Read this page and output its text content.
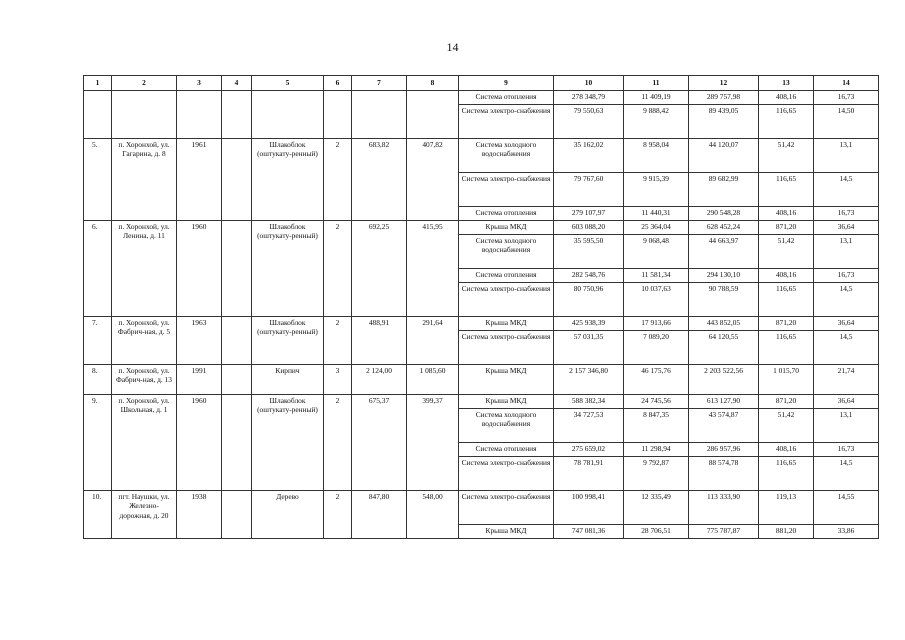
14
1	2	3	4	5	6	7	8	9	10	11	12	13	14
								Система отопления	278 348,79	11 409,19	289 757,98	408,16	16,73
								Система электро-снабжения	79 550,63	9 888,42	89 439,05	116,65	14,50
5.	п. Хоронхой, ул. Гагарина, д. 8	1961		Шлакоблок (оштукату-ренный)	2	683,82	407,82	Система холодного водоснабжения	35 162,02	8 958,04	44 120,07	51,42	13,1
								Система электро-снабжения	79 767,60	9 915,39	89 682,99	116,65	14,5
								Система отопления	279 107,97	11 440,31	290 548,28	408,16	16,73
6.	п. Хоронхой, ул. Ленина, д. 11	1960		Шлакоблок (оштукату-ренный)	2	692,25	415,95	Крыша МКД	603 088,20	25 364,04	628 452,24	871,20	36,64
								Система холодного водоснабжения	35 595,50	9 068,48	44 663,97	51,42	13,1
								Система отопления	282 548,76	11 581,34	294 130,10	408,16	16,73
								Система электро-снабжения	80 750,96	10 037,63	90 788,59	116,65	14,5
7.	п. Хоронхой, ул. Фабрич-ная, д. 5	1963		Шлакоблок (оштукату-ренный)	2	488,91	291,64	Крыша МКД	425 938,39	17 913,66	443 852,05	871,20	36,64
								Система электро-снабжения	57 031,35	7 089,20	64 120,55	116,65	14,5
8.	п. Хоронхой, ул. Фабрич-ная, д. 13	1991		Кирпич	3	2 124,00	1 085,60	Крыша МКД	2 157 346,80	46 175,76	2 203 522,56	1 015,70	21,74
9.	п. Хоронхой, ул. Школьная, д. 1	1960		Шлакоблок (оштукату-ренный)	2	675,37	399,37	Крыша МКД	588 382,34	24 745,56	613 127,90	871,20	36,64
								Система холодного водоснабжения	34 727,53	8 847,35	43 574,87	51,42	13,1
								Система отопления	275 659,02	11 298,94	286 957,96	408,16	16,73
								Система электро-снабжения	78 781,91	9 792,87	88 574,78	116,65	14,5
10.	пгт. Наушки, ул. Железно-дорожная, д. 20	1938		Дерево	2	847,80	548,00	Система электро-снабжения	100 998,41	12 335,49	113 333,90	119,13	14,55
								Крыша МКД	747 081,36	28 706,51	775 787,87	881,20	33,86
